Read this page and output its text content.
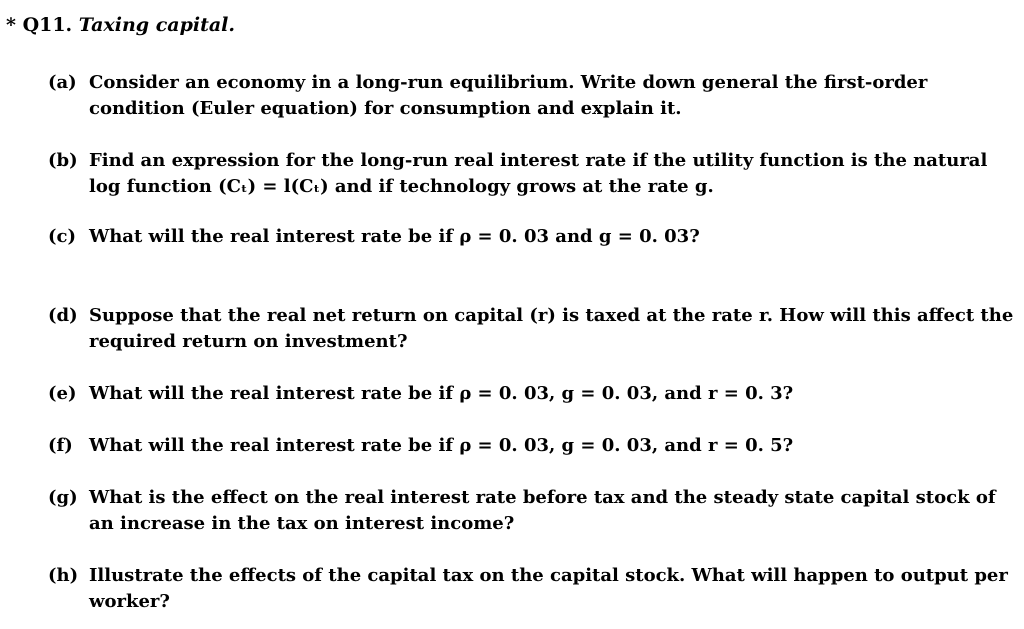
* Q11. Taxing capital.
(a) Consider an economy in a long-run equilibrium. Write down general the first-order
condition (Euler equation) for consumption and explain it.
(b) Find an expression for the long-run real interest rate if the utility function is the natural
log function (Cₜ) = l(Cₜ) and if technology grows at the rate g.
(c) What will the real interest rate be if ρ = 0. 03 and g = 0. 03?
(d) Suppose that the real net return on capital (r) is taxed at the rate r. How will this affect the
required return on investment?
(e) What will the real interest rate be if ρ = 0. 03, g = 0. 03, and r = 0. 3?
(f) What will the real interest rate be if ρ = 0. 03, g = 0. 03, and r = 0. 5?
(g) What is the effect on the real interest rate before tax and the steady state capital stock of
an increase in the tax on interest income?
(h) Illustrate the effects of the capital tax on the capital stock. What will happen to output per
worker?
